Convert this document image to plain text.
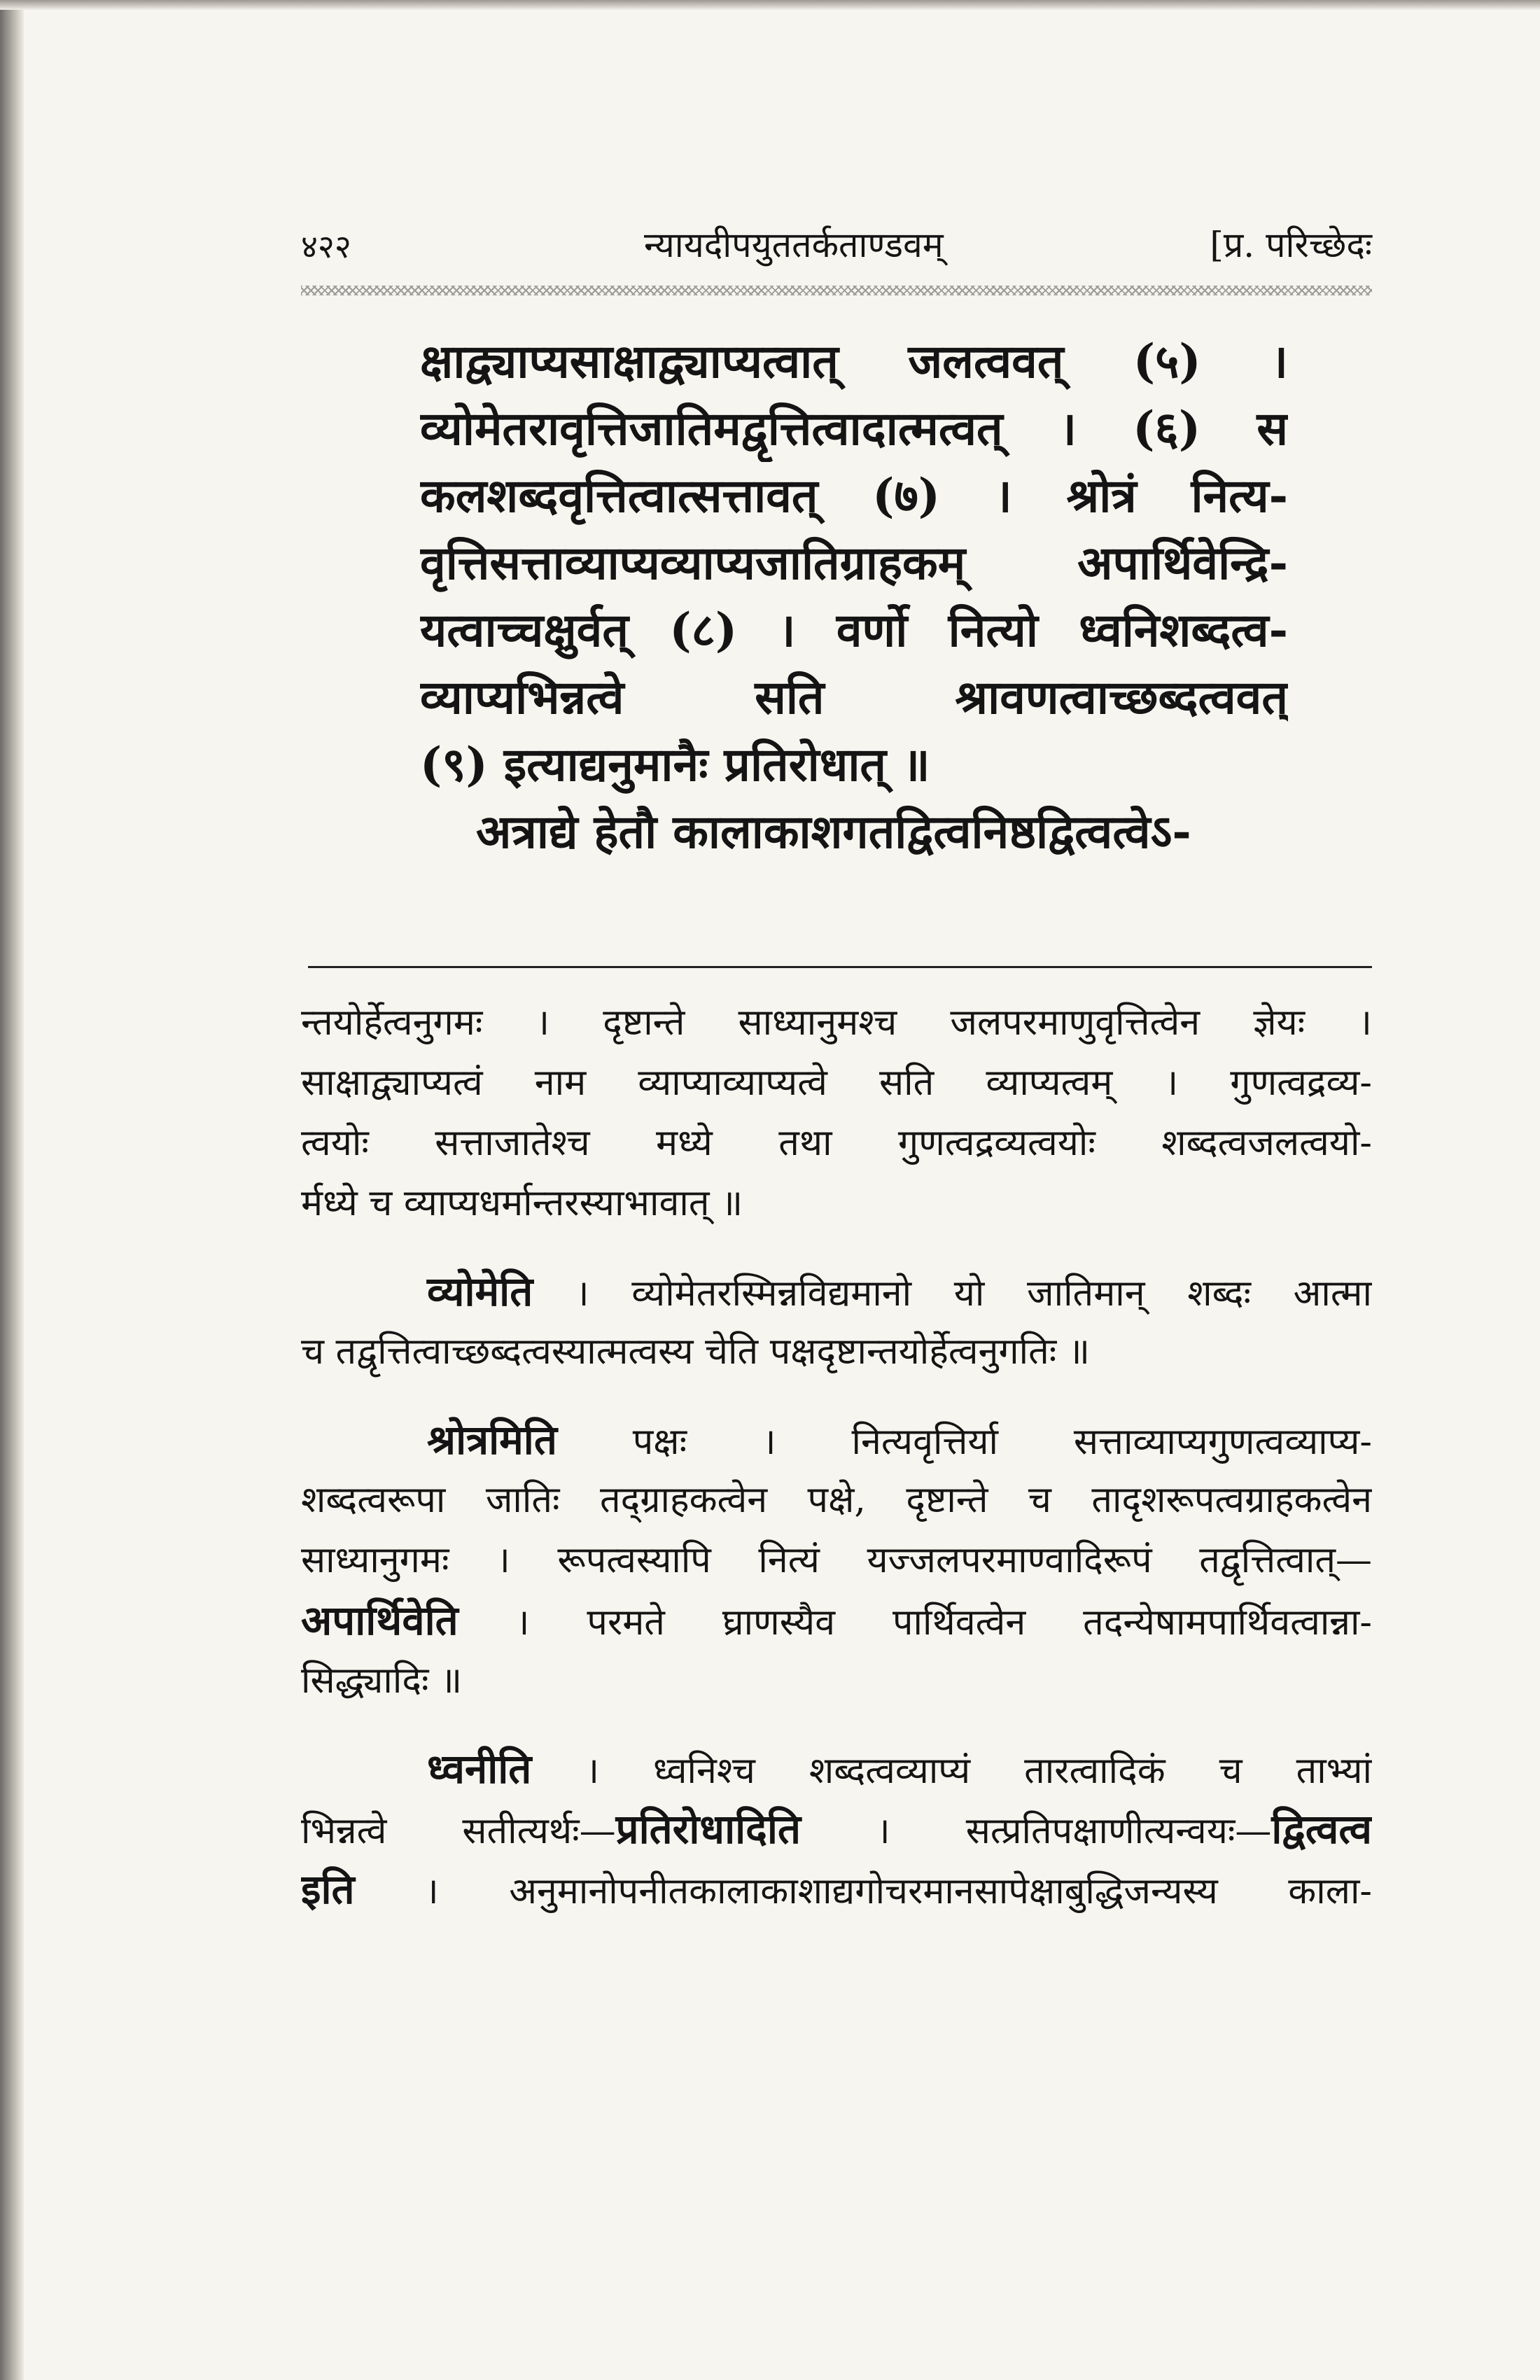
४२२	न्यायदीपयुततर्कताण्डवम्	[प्र. परिच्छेदः
क्षाद्व्याप्यसाक्षाद्व्याप्यत्वात् जलत्ववत् (५) ।
व्योमेतरावृत्तिजातिमद्वृत्तित्वादात्मत्वत् । (६) स
कलशब्दवृत्तित्वात्सत्तावत् (७) । श्रोत्रं नित्य-
वृत्तिसत्ताव्याप्यव्याप्यजातिग्राहकम् अपार्थिवेन्द्रि-
यत्वाच्चक्षुर्वत् (८) । वर्णो नित्यो ध्वनिशब्दत्व-
व्याप्यभिन्नत्वे सति श्रावणत्वाच्छब्दत्ववत्
(९) इत्याद्यनुमानैः प्रतिरोधात् ॥
अत्राद्ये हेतौ कालाकाशगतद्वित्वनिष्ठद्वित्वत्वेऽ-
न्तयोर्हेत्वनुगमः । दृष्टान्ते साध्यानुमश्च जलपरमाणुवृत्तित्वेन ज्ञेयः ।
साक्षाद्व्याप्यत्वं नाम व्याप्याव्याप्यत्वे सति व्याप्यत्वम् । गुणत्वद्रव्य-
त्वयोः सत्ताजातेश्च मध्ये तथा गुणत्वद्रव्यत्वयोः शब्दत्वजलत्वयो-
र्मध्ये च व्याप्यधर्मान्तरस्याभावात् ॥
व्योमेति । व्योमेतरस्मिन्नविद्यमानो यो जातिमान् शब्दः आत्मा
च तद्वृत्तित्वाच्छब्दत्वस्यात्मत्वस्य चेति पक्षदृष्टान्तयोर्हेत्वनुगतिः ॥
श्रोत्रमिति पक्षः । नित्यवृत्तिर्या सत्ताव्याप्यगुणत्वव्याप्य-
शब्दत्वरूपा जातिः तद्ग्राहकत्वेन पक्षे, दृष्टान्ते च तादृशरूपत्वग्राहकत्वेन
साध्यानुगमः । रूपत्वस्यापि नित्यं यज्जलपरमाण्वादिरूपं तद्वृत्तित्वात्—
अपार्थिवेति । परमते घ्राणस्यैव पार्थिवत्वेन तदन्येषामपार्थिवत्वान्ना-
सिद्ध्यादिः ॥
ध्वनीति । ध्वनिश्च शब्दत्वव्याप्यं तारत्वादिकं च ताभ्यां
भिन्नत्वे सतीत्यर्थः—प्रतिरोधादिति । सत्प्रतिपक्षाणीत्यन्वयः—द्वित्वत्व
इति । अनुमानोपनीतकालाकाशाद्यगोचरमानसापेक्षाबुद्धिजन्यस्य काला-
